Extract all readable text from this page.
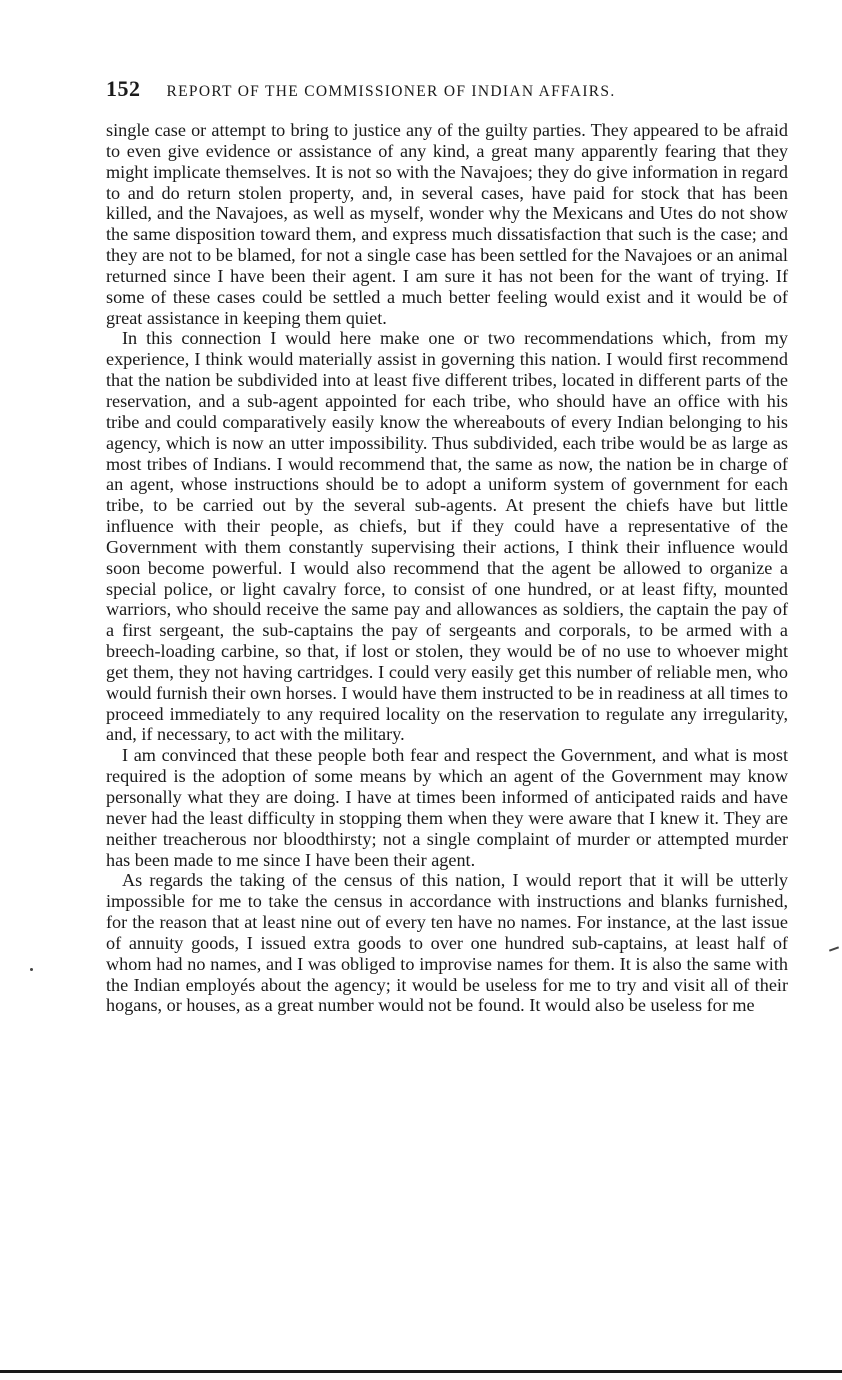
152 REPORT OF THE COMMISSIONER OF INDIAN AFFAIRS.

single case or attempt to bring to justice any of the guilty parties. They appeared to be afraid to even give evidence or assistance of any kind, a great many apparently fearing that they might implicate themselves. It is not so with the Navajoes; they do give information in regard to and do return stolen property, and, in several cases, have paid for stock that has been killed, and the Navajoes, as well as myself, wonder why the Mexicans and Utes do not show the same disposition toward them, and express much dissatisfaction that such is the case; and they are not to be blamed, for not a single case has been settled for the Navajoes or an animal returned since I have been their agent. I am sure it has not been for the want of trying. If some of these cases could be settled a much better feeling would exist and it would be of great assistance in keeping them quiet.

In this connection I would here make one or two recommendations which, from my experience, I think would materially assist in governing this nation. I would first recommend that the nation be subdivided into at least five different tribes, located in different parts of the reservation, and a sub-agent appointed for each tribe, who should have an office with his tribe and could comparatively easily know the whereabouts of every Indian belonging to his agency, which is now an utter impossibility. Thus subdivided, each tribe would be as large as most tribes of Indians. I would recommend that, the same as now, the nation be in charge of an agent, whose instructions should be to adopt a uniform system of government for each tribe, to be carried out by the several sub-agents. At present the chiefs have but little influence with their people, as chiefs, but if they could have a representative of the Government with them constantly supervising their actions, I think their influence would soon become powerful. I would also recommend that the agent be allowed to organize a special police, or light cavalry force, to consist of one hundred, or at least fifty, mounted warriors, who should receive the same pay and allowances as soldiers, the captain the pay of a first sergeant, the sub-captains the pay of sergeants and corporals, to be armed with a breech-loading carbine, so that, if lost or stolen, they would be of no use to whoever might get them, they not having cartridges. I could very easily get this number of reliable men, who would furnish their own horses. I would have them instructed to be in readiness at all times to proceed immediately to any required locality on the reservation to regulate any irregularity, and, if necessary, to act with the military.

I am convinced that these people both fear and respect the Government, and what is most required is the adoption of some means by which an agent of the Government may know personally what they are doing. I have at times been informed of anticipated raids and have never had the least difficulty in stopping them when they were aware that I knew it. They are neither treacherous nor bloodthirsty; not a single complaint of murder or attempted murder has been made to me since I have been their agent.

As regards the taking of the census of this nation, I would report that it will be utterly impossible for me to take the census in accordance with instructions and blanks furnished, for the reason that at least nine out of every ten have no names. For instance, at the last issue of annuity goods, I issued extra goods to over one hundred sub-captains, at least half of whom had no names, and I was obliged to improvise names for them. It is also the same with the Indian employés about the agency; it would be useless for me to try and visit all of their hogans, or houses, as a great number would not be found. It would also be useless for me
